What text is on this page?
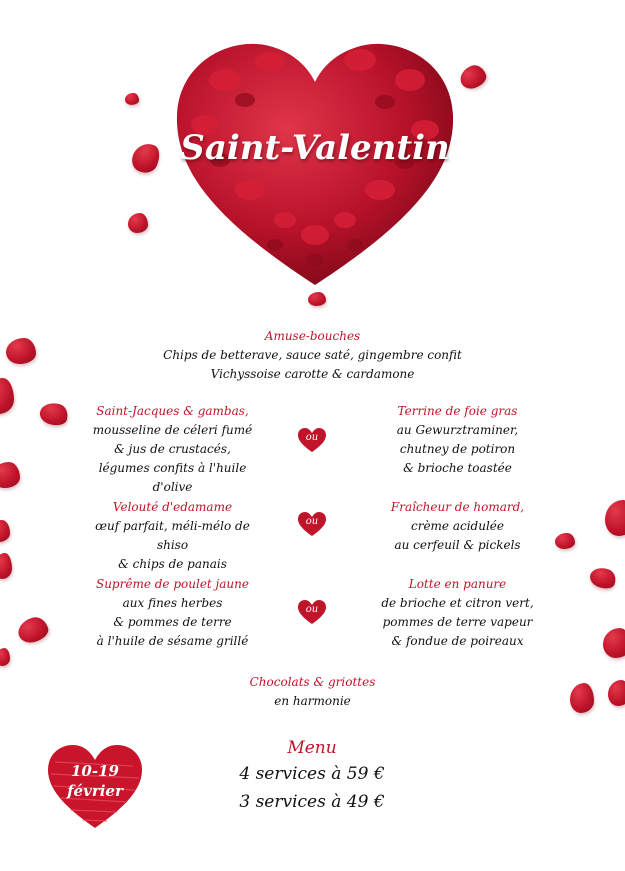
Saint-Valentin
Amuse-bouches
Chips de betterave, sauce saté, gingembre confit
Vichyssoise carotte & cardamone
Saint-Jacques & gambas,
mousseline de céleri fumé
& jus de crustacés,
légumes confits à l'huile d'olive
ou
Terrine de foie gras
au Gewurztraminer,
chutney de potiron
& brioche toastée
Velouté d'edamame
œuf parfait, méli-mélo de shiso
& chips de panais
ou
Fraîcheur de homard,
crème acidulée
au cerfeuil & pickels
Suprême de poulet jaune
aux fines herbes
& pommes de terre
à l'huile de sésame grillé
ou
Lotte en panure
de brioche et citron vert,
pommes de terre vapeur
& fondue de poireaux
Chocolats & griottes
en harmonie
10-19
février
Menu
4 services à 59 €
3 services à 49 €
